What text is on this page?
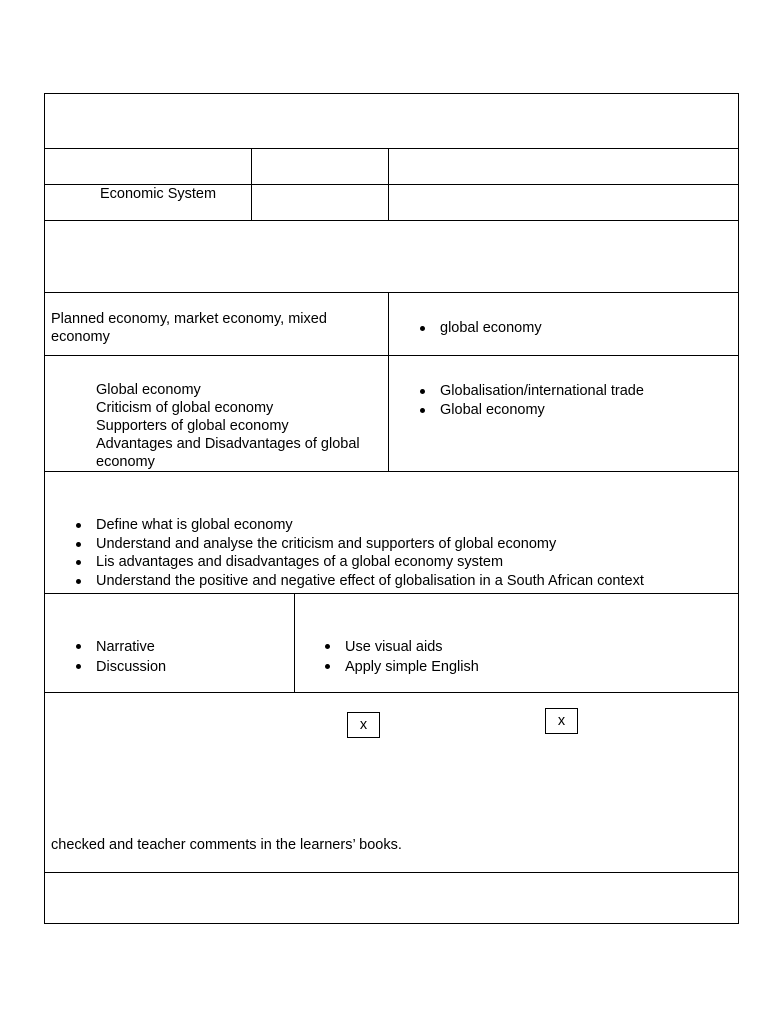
Economic System
Planned economy, market economy, mixed economy
global economy
Global economy
Criticism of global economy
Supporters of global economy
Advantages and Disadvantages of global economy
Globalisation/international trade
Global economy
Define what is global economy
Understand and analyse the criticism and supporters of global economy
Lis advantages and disadvantages of a global economy system
Understand the positive and negative effect of globalisation in a South African context
Narrative
Discussion
Use visual aids
Apply simple English
checked and teacher comments in the learners’ books.
x	x
